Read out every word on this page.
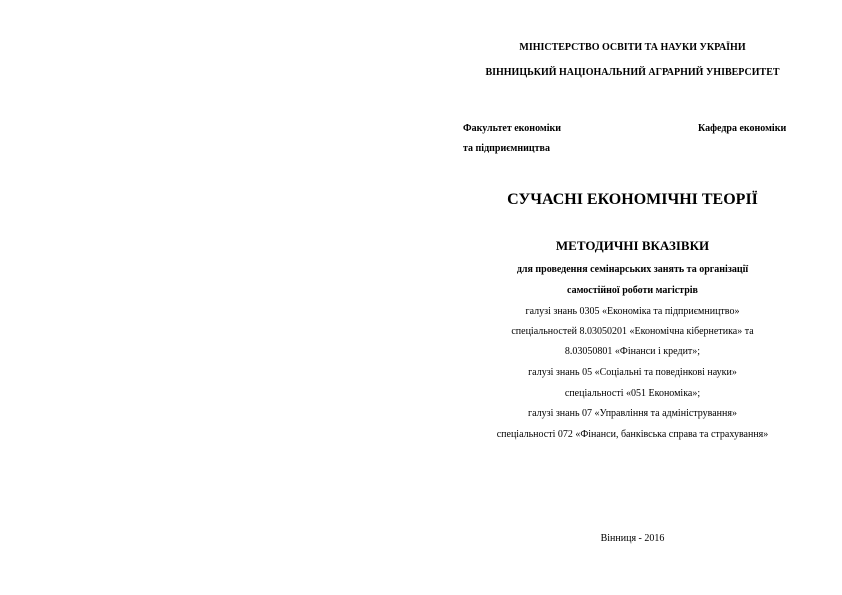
МІНІСТЕРСТВО ОСВІТИ ТА НАУКИ УКРАЇНИ
ВІННИЦЬКИЙ НАЦІОНАЛЬНИЙ АГРАРНИЙ УНІВЕРСИТЕТ
Факультет економіки
та підприємництва
Кафедра економіки
СУЧАСНІ ЕКОНОМІЧНІ ТЕОРІЇ
МЕТОДИЧНІ ВКАЗІВКИ
для проведення семінарських занять та організації
самостійної роботи магістрів
галузі знань 0305 «Економіка та підприємництво»
спеціальностей 8.03050201 «Економічна кібернетика» та
8.03050801 «Фінанси і кредит»;
галузі знань 05 «Соціальні та поведінкові науки»
спеціальності «051 Економіка»;
галузі знань 07 «Управління та адміністрування»
спеціальності 072 «Фінанси, банківська справа та страхування»
Вінниця - 2016
